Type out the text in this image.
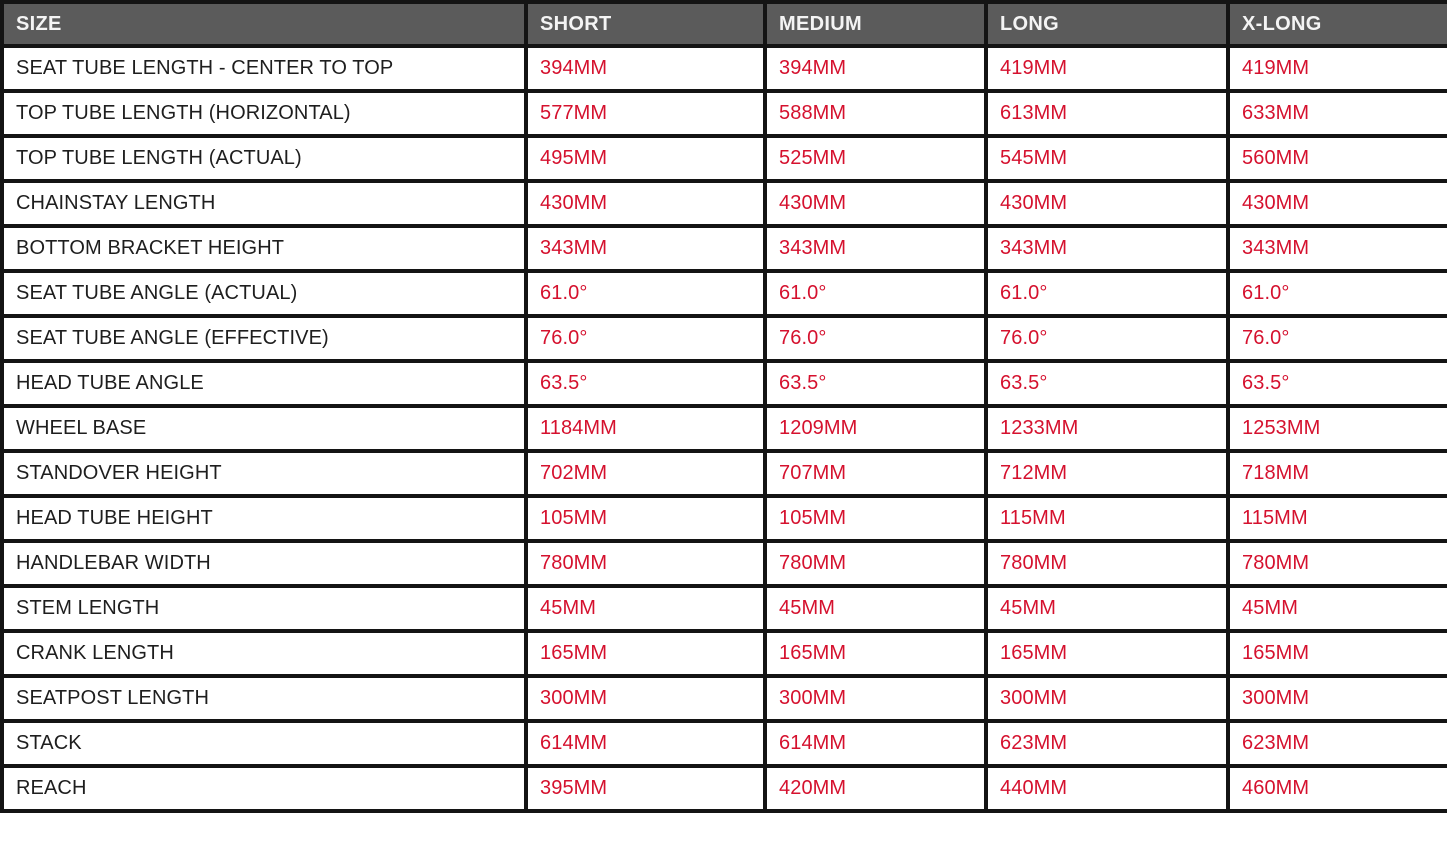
SIZE	SHORT	MEDIUM	LONG	X-LONG
SEAT TUBE LENGTH - CENTER TO TOP	394MM	394MM	419MM	419MM
TOP TUBE LENGTH (HORIZONTAL)	577MM	588MM	613MM	633MM
TOP TUBE LENGTH (ACTUAL)	495MM	525MM	545MM	560MM
CHAINSTAY LENGTH	430MM	430MM	430MM	430MM
BOTTOM BRACKET HEIGHT	343MM	343MM	343MM	343MM
SEAT TUBE ANGLE (ACTUAL)	61.0°	61.0°	61.0°	61.0°
SEAT TUBE ANGLE (EFFECTIVE)	76.0°	76.0°	76.0°	76.0°
HEAD TUBE ANGLE	63.5°	63.5°	63.5°	63.5°
WHEEL BASE	1184MM	1209MM	1233MM	1253MM
STANDOVER HEIGHT	702MM	707MM	712MM	718MM
HEAD TUBE HEIGHT	105MM	105MM	115MM	115MM
HANDLEBAR WIDTH	780MM	780MM	780MM	780MM
STEM LENGTH	45MM	45MM	45MM	45MM
CRANK LENGTH	165MM	165MM	165MM	165MM
SEATPOST LENGTH	300MM	300MM	300MM	300MM
STACK	614MM	614MM	623MM	623MM
REACH	395MM	420MM	440MM	460MM
